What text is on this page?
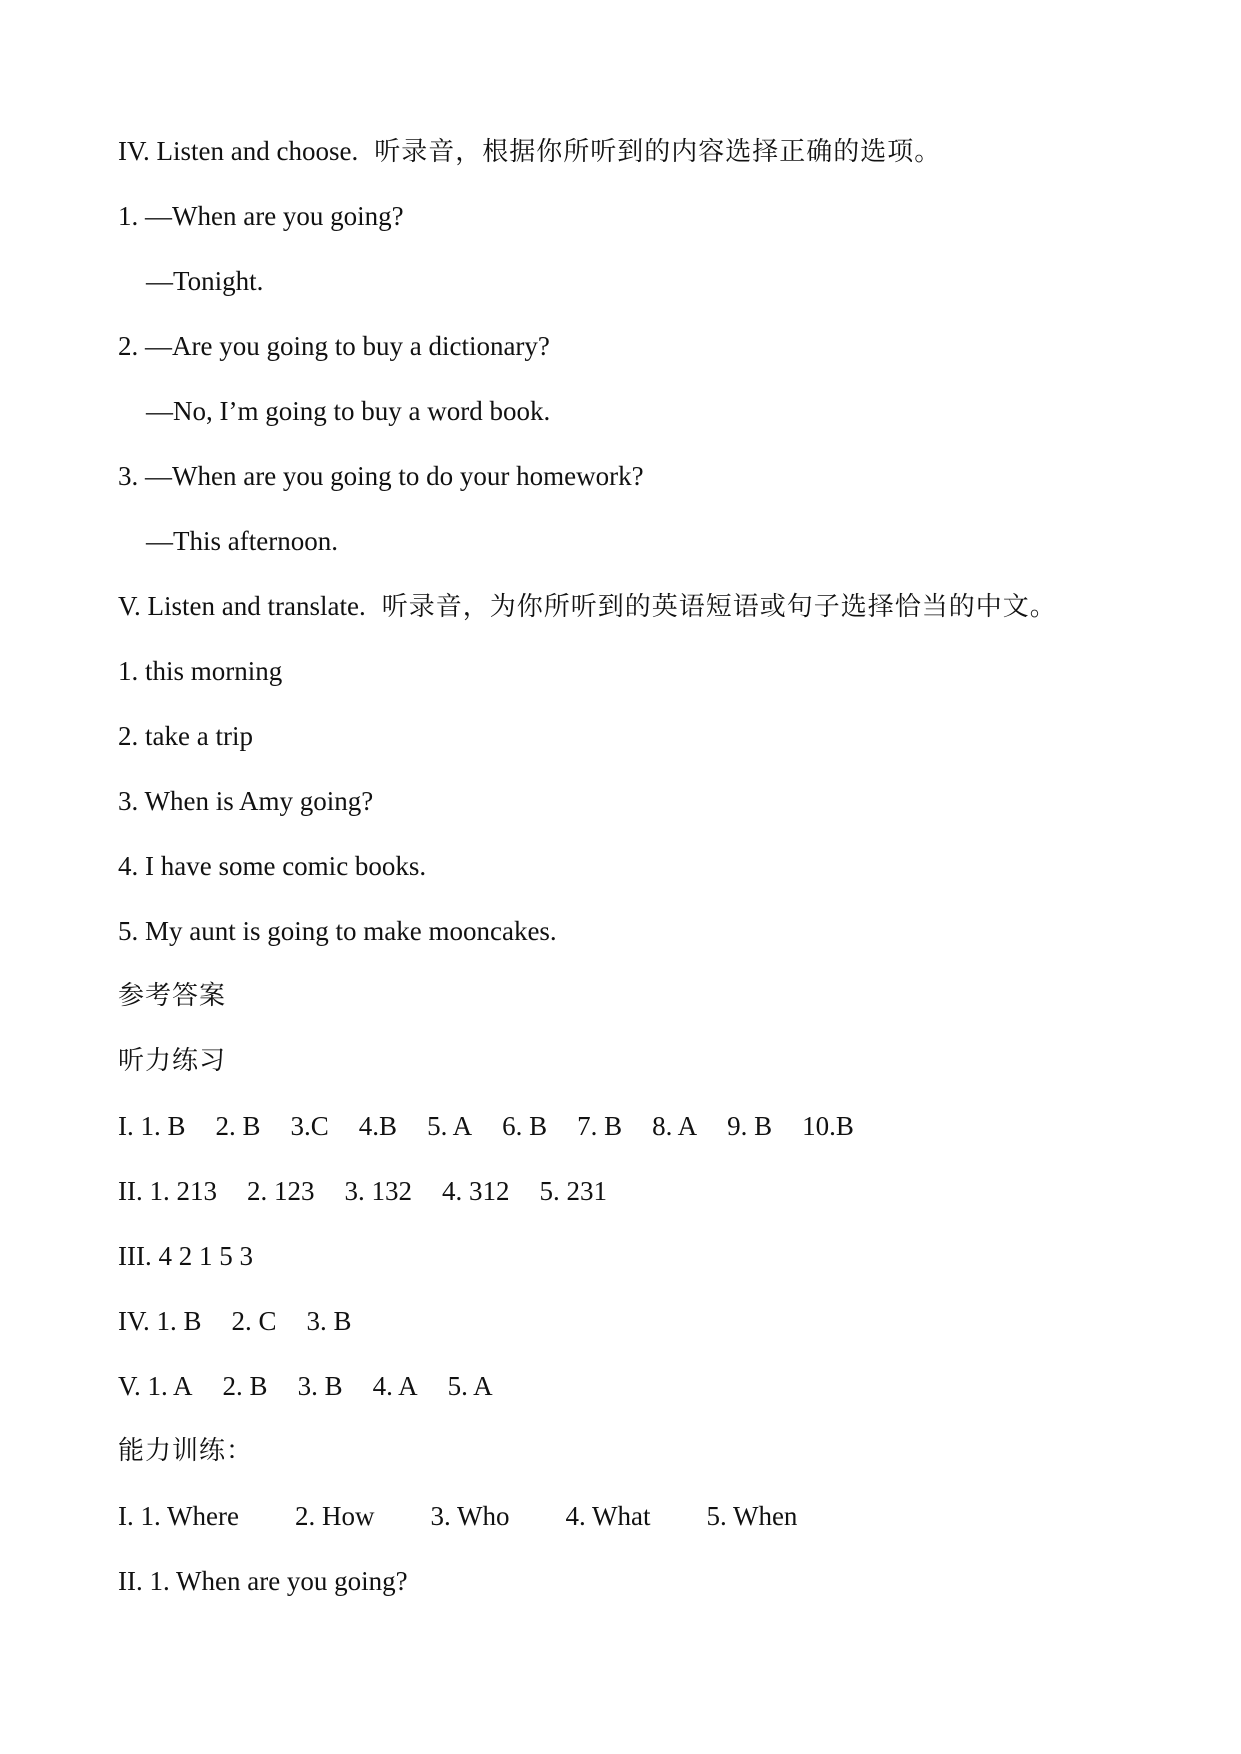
IV. Listen and choose. 听录音，根据你所听到的内容选择正确的选项。
1. —When are you going?
—Tonight.
2. —Are you going to buy a dictionary?
—No, I’m going to buy a word book.
3. —When are you going to do your homework?
—This afternoon.
V. Listen and translate. 听录音，为你所听到的英语短语或句子选择恰当的中文。
1. this morning
2. take a trip
3. When is Amy going?
4. I have some comic books.
5. My aunt is going to make mooncakes.
参考答案
听力练习
I. 1. B 2. B 3.C 4.B 5. A 6. B 7. B 8. A 9. B 10.B
II. 1. 213 2. 123 3. 132 4. 312 5. 231
III. 4 2 1 5 3
IV. 1. B 2. C 3. B
V. 1. A 2. B 3. B 4. A 5. A
能力训练：
I. 1. Where 2. How 3. Who 4. What 5. When
II. 1. When are you going?
